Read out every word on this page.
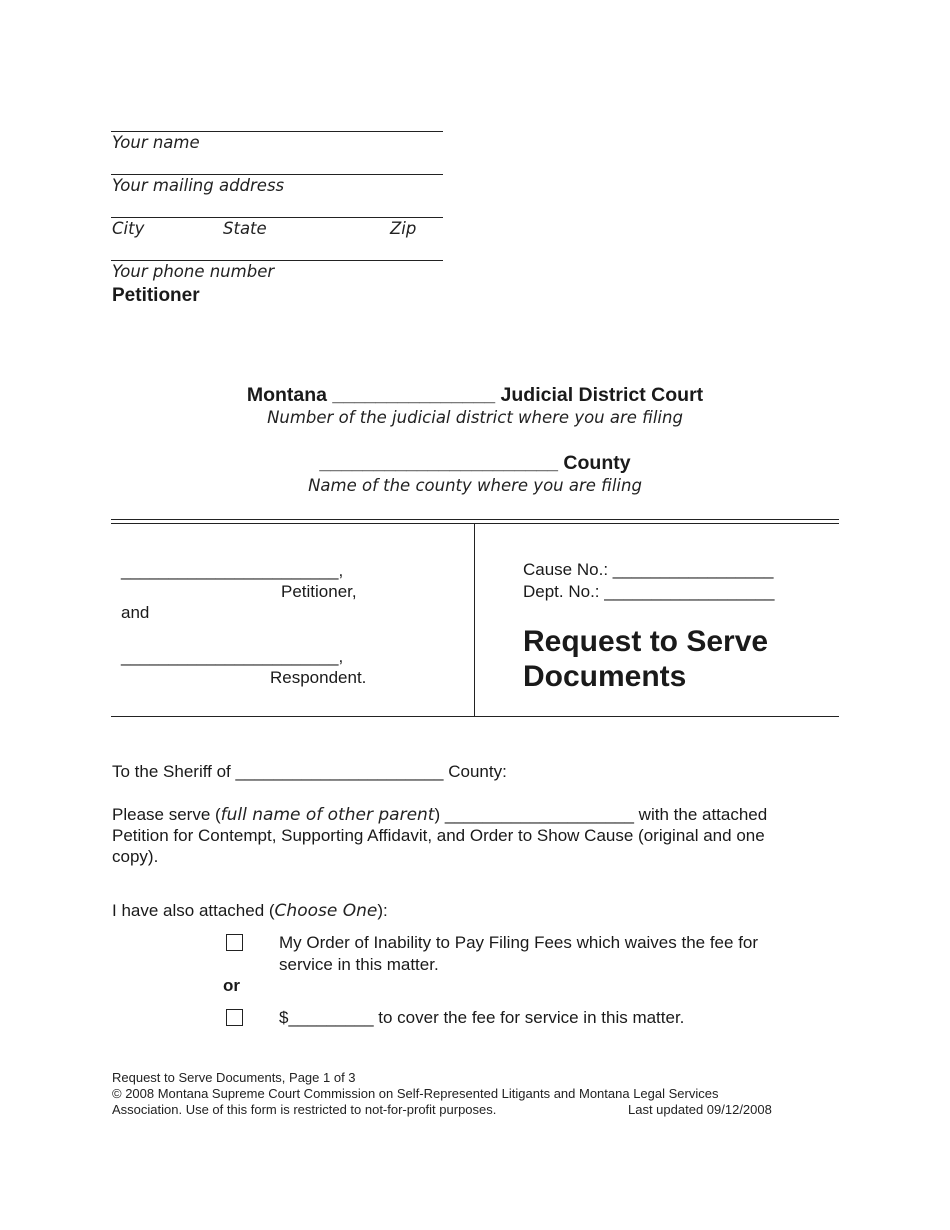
Your name
Your mailing address
City	State	Zip
Your phone number
Petitioner
Montana _______________ Judicial District Court
Number of the judicial district where you are filing
______________________ County
Name of the county where you are filing
_______________________,
Petitioner,
and
_______________________,
Respondent.
Cause No.: _________________
Dept. No.: __________________
Request to Serve
Documents
To the Sheriff of ______________________ County:
Please serve (full name of other parent) ____________________ with the attached
Petition for Contempt, Supporting Affidavit, and Order to Show Cause (original and one
copy).
I have also attached (Choose One):
My Order of Inability to Pay Filing Fees which waives the fee for
service in this matter.
or
$_________ to cover the fee for service in this matter.
Request to Serve Documents, Page 1 of 3
© 2008 Montana Supreme Court Commission on Self-Represented Litigants and Montana Legal Services
Association. Use of this form is restricted to not-for-profit purposes.	Last updated 09/12/2008
